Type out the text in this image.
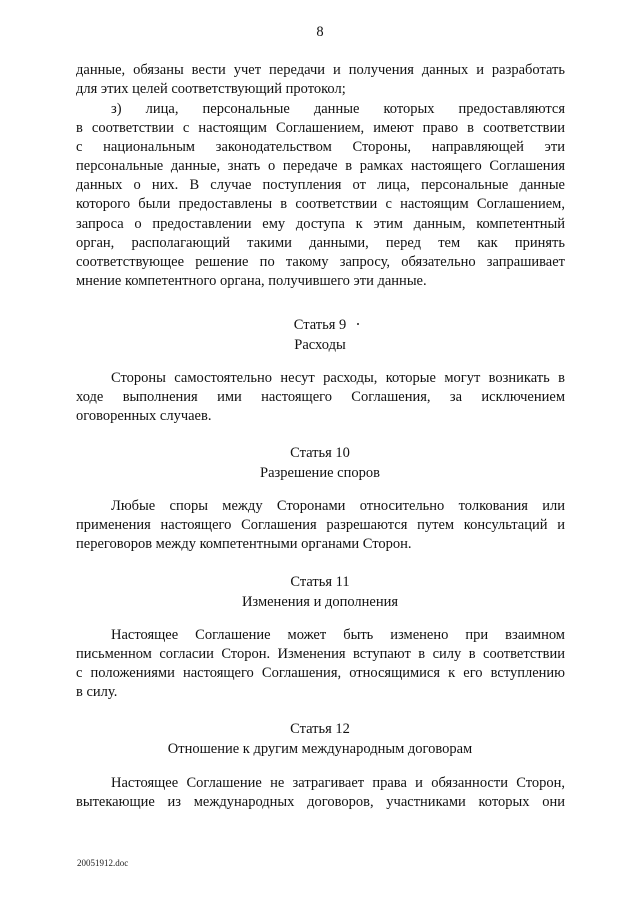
8
данные, обязаны вести учет передачи и получения данных и разработать
для этих целей соответствующий протокол;
з) лица, персональные данные которых предоставляются
в соответствии с настоящим Соглашением, имеют право в соответствии
с национальным законодательством Стороны, направляющей эти
персональные данные, знать о передаче в рамках настоящего Соглашения
данных о них. В случае поступления от лица, персональные данные
которого были предоставлены в соответствии с настоящим Соглашением,
запроса о предоставлении ему доступа к этим данным, компетентный
орган, располагающий такими данными, перед тем как принять
соответствующее решение по такому запросу, обязательно запрашивает
мнение компетентного органа, получившего эти данные.
Статья 9
Расходы
Стороны самостоятельно несут расходы, которые могут возникать в
ходе выполнения ими настоящего Соглашения, за исключением
оговоренных случаев.
Статья 10
Разрешение споров
Любые споры между Сторонами относительно толкования или
применения настоящего Соглашения разрешаются путем консультаций и
переговоров между компетентными органами Сторон.
Статья 11
Изменения и дополнения
Настоящее Соглашение может быть изменено при взаимном
письменном согласии Сторон. Изменения вступают в силу в соответствии
с положениями настоящего Соглашения, относящимися к его вступлению
в силу.
Статья 12
Отношение к другим международным договорам
Настоящее Соглашение не затрагивает права и обязанности Сторон,
вытекающие из международных договоров, участниками которых они
20051912.doc
